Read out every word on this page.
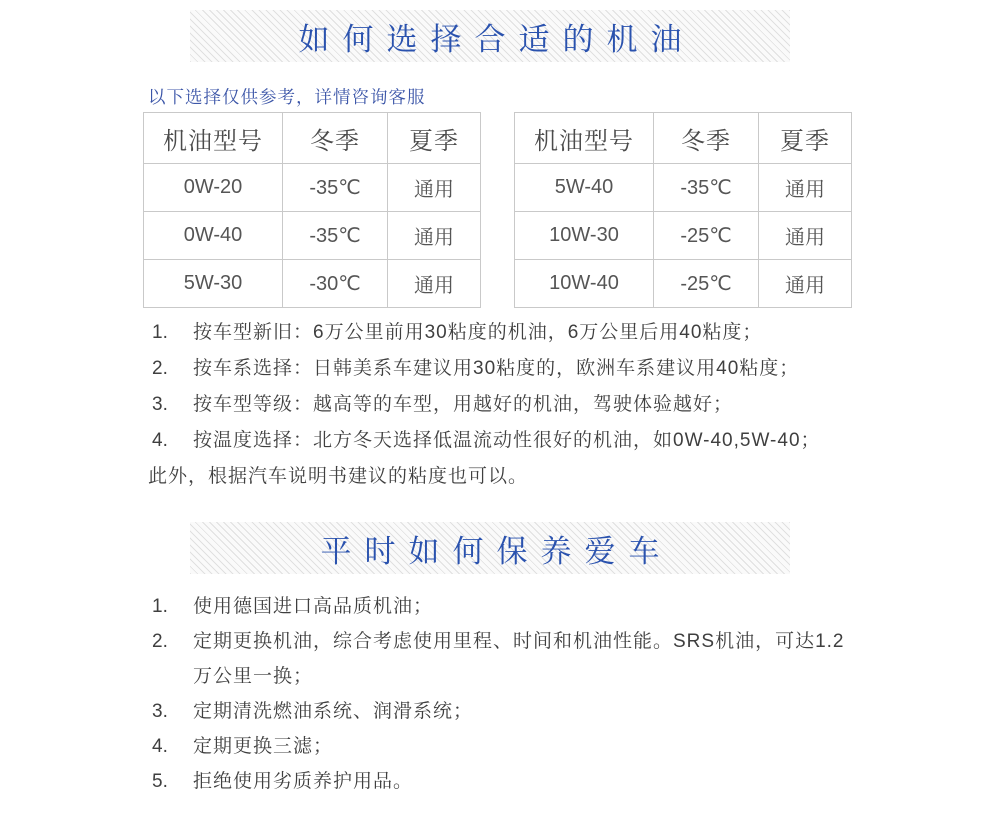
如何选择合适的机油
以下选择仅供参考，详情咨询客服
机油型号	冬季	夏季
0W-20	-35℃	通用
0W-40	-35℃	通用
5W-30	-30℃	通用
机油型号	冬季	夏季
5W-40	-35℃	通用
10W-30	-25℃	通用
10W-40	-25℃	通用
1.	按车型新旧：6万公里前用30粘度的机油，6万公里后用40粘度；
2.	按车系选择：日韩美系车建议用30粘度的，欧洲车系建议用40粘度；
3.	按车型等级：越高等的车型，用越好的机油，驾驶体验越好；
4.	按温度选择：北方冬天选择低温流动性很好的机油，如0W-40,5W-40；
此外，根据汽车说明书建议的粘度也可以。
平时如何保养爱车
1.	使用德国进口高品质机油；
2.	定期更换机油，综合考虑使用里程、时间和机油性能。SRS机油，可达1.2万公里一换；
3.	定期清洗燃油系统、润滑系统；
4.	定期更换三滤；
5.	拒绝使用劣质养护用品。
